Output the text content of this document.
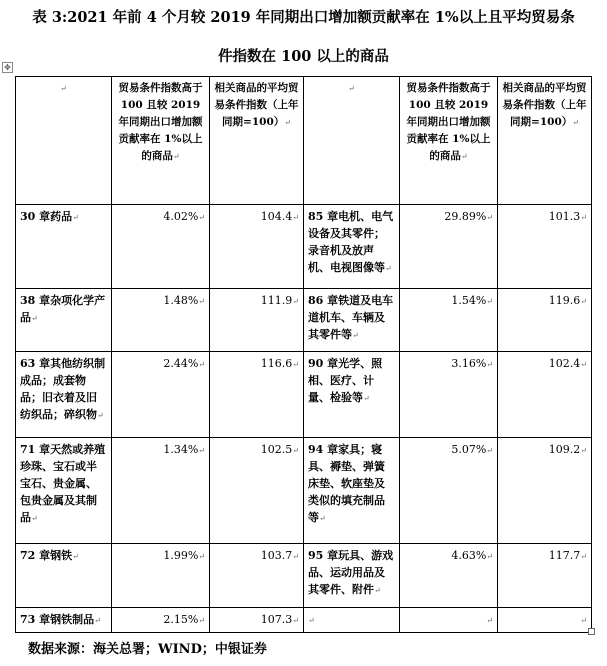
表 3:2021 年前 4 个月较 2019 年同期出口增加额贡献率在 1%以上且平均贸易条
件指数在 100 以上的商品
✥
↵	贸易条件指数高于 100 且较 2019 年同期出口增加额贡献率在 1%以上的商品↵	相关商品的平均贸易条件指数（上年同期=100）↵	↵	贸易条件指数高于 100 且较 2019 年同期出口增加额贡献率在 1%以上的商品↵	相关商品的平均贸易条件指数（上年同期=100）↵
30 章药品↵	4.02%↵	104.4↵	85 章电机、电气设备及其零件；录音机及放声机、电视图像等↵	29.89%↵	101.3↵
38 章杂项化学产品↵	1.48%↵	111.9↵	86 章铁道及电车道机车、车辆及其零件等↵	1.54%↵	119.6↵
63 章其他纺织制成品；成套物品；旧衣着及旧纺织品；碎织物↵	2.44%↵	116.6↵	90 章光学、照相、医疗、计量、检验等↵	3.16%↵	102.4↵
71 章天然或养殖珍珠、宝石或半宝石、贵金属、包贵金属及其制品↵	1.34%↵	102.5↵	94 章家具；寝具、褥垫、弹簧床垫、软座垫及类似的填充制品等↵	5.07%↵	109.2↵
72 章钢铁↵	1.99%↵	103.7↵	95 章玩具、游戏品、运动用品及其零件、附件↵	4.63%↵	117.7↵
73 章钢铁制品↵	2.15%↵	107.3↵	↵	↵	↵
数据来源：海关总署；WIND；中银证券
